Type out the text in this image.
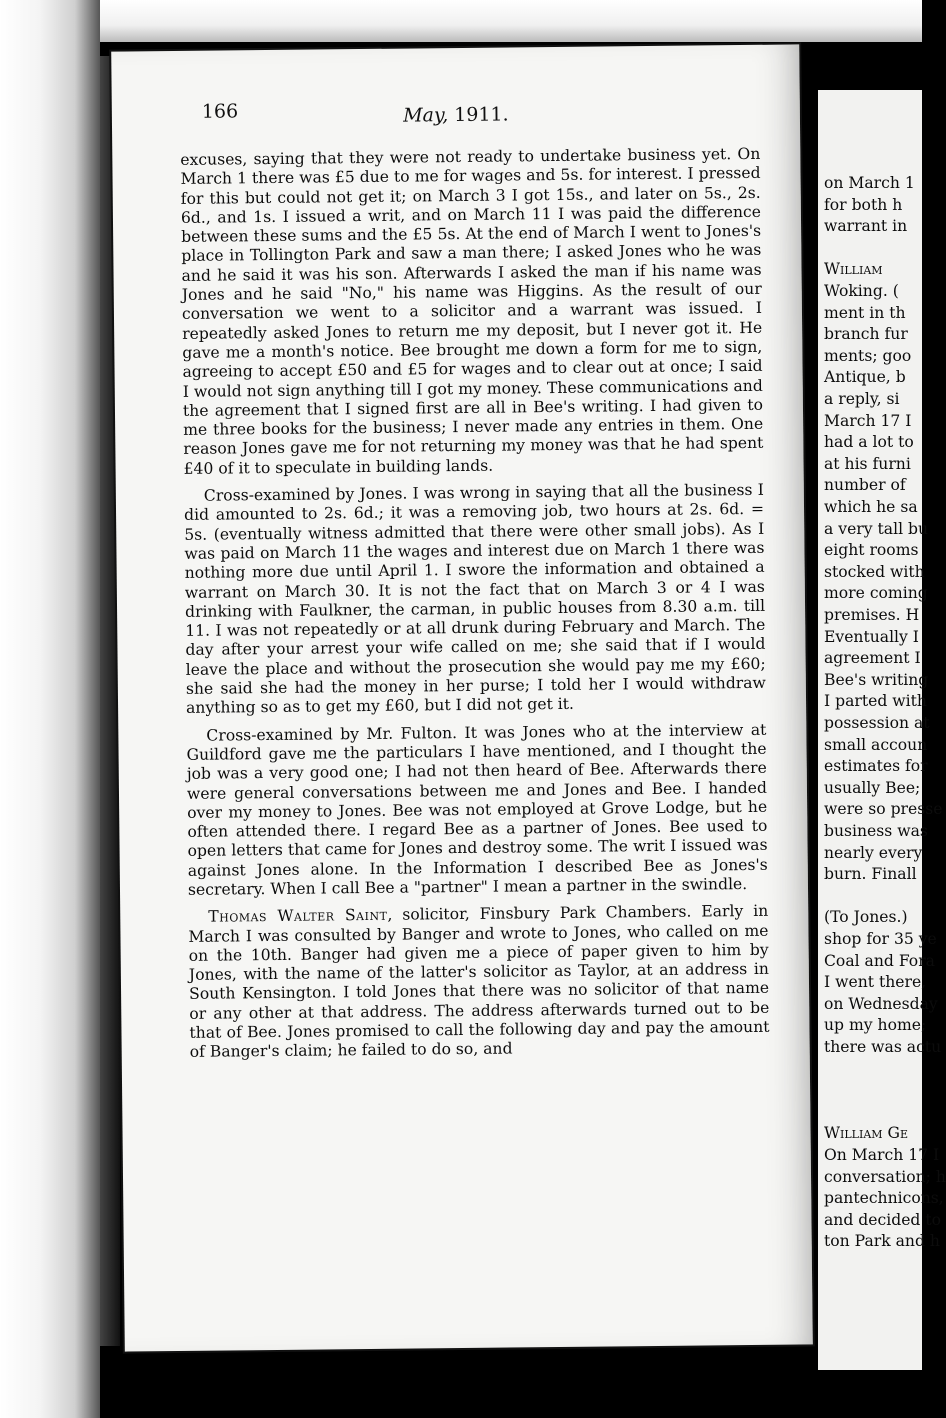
166	May, 1911.

excuses, saying that they were not ready to undertake business yet. On March 1 there was £5 due to me for wages and 5s. for interest. I pressed for this but could not get it; on March 3 I got 15s., and later on 5s., 2s. 6d., and 1s. I issued a writ, and on March 11 I was paid the difference between these sums and the £5 5s. At the end of March I went to Jones's place in Tollington Park and saw a man there; I asked Jones who he was and he said it was his son. Afterwards I asked the man if his name was Jones and he said "No," his name was Higgins. As the result of our conversation we went to a solicitor and a warrant was issued. I repeatedly asked Jones to return me my deposit, but I never got it. He gave me a month's notice. Bee brought me down a form for me to sign, agreeing to accept £50 and £5 for wages and to clear out at once; I said I would not sign anything till I got my money. These communications and the agreement that I signed first are all in Bee's writing. I had given to me three books for the business; I never made any entries in them. One reason Jones gave me for not returning my money was that he had spent £40 of it to speculate in building lands.

Cross-examined by Jones. I was wrong in saying that all the business I did amounted to 2s. 6d.; it was a removing job, two hours at 2s. 6d. = 5s. (eventually witness admitted that there were other small jobs). As I was paid on March 11 the wages and interest due on March 1 there was nothing more due until April 1. I swore the information and obtained a warrant on March 30. It is not the fact that on March 3 or 4 I was drinking with Faulkner, the carman, in public houses from 8.30 a.m. till 11. I was not repeatedly or at all drunk during February and March. The day after your arrest your wife called on me; she said that if I would leave the place and without the prosecution she would pay me my £60; she said she had the money in her purse; I told her I would withdraw anything so as to get my £60, but I did not get it.

Cross-examined by Mr. Fulton. It was Jones who at the interview at Guildford gave me the particulars I have mentioned, and I thought the job was a very good one; I had not then heard of Bee. Afterwards there were general conversations between me and Jones and Bee. I handed over my money to Jones. Bee was not employed at Grove Lodge, but he often attended there. I regard Bee as a partner of Jones. Bee used to open letters that came for Jones and destroy some. The writ I issued was against Jones alone. In the Information I described Bee as Jones's secretary. When I call Bee a "partner" I mean a partner in the swindle.

Thomas Walter Saint, solicitor, Finsbury Park Chambers. Early in March I was consulted by Banger and wrote to Jones, who called on me on the 10th. Banger had given me a piece of paper given to him by Jones, with the name of the latter's solicitor as Taylor, at an address in South Kensington. I told Jones that there was no solicitor of that name or any other at that address. The address afterwards turned out to be that of Bee. Jones promised to call the following day and pay the amount of Banger's claim; he failed to do so, and

on March 1
for both h
warrant in
William
Woking. (
ment in th
branch fur
ments; goo
Antique, b
a reply, si
March 17 I
had a lot to
at his furni
number of
which he sa
a very tall bu
eight rooms
stocked with
more coming
premises. H
Eventually I
agreement I
Bee's writing
I parted with
possession at
small accoun
estimates for
usually Bee;
were so presse
business was
nearly every
burn. Finall
(To Jones.)
shop for 35 ye
Coal and Fora
I went there,
on Wednesday
up my home;
there was actu
William Ge
On March 17 I
conversation; h
pantechnicons,
and decided to
ton Park and h
